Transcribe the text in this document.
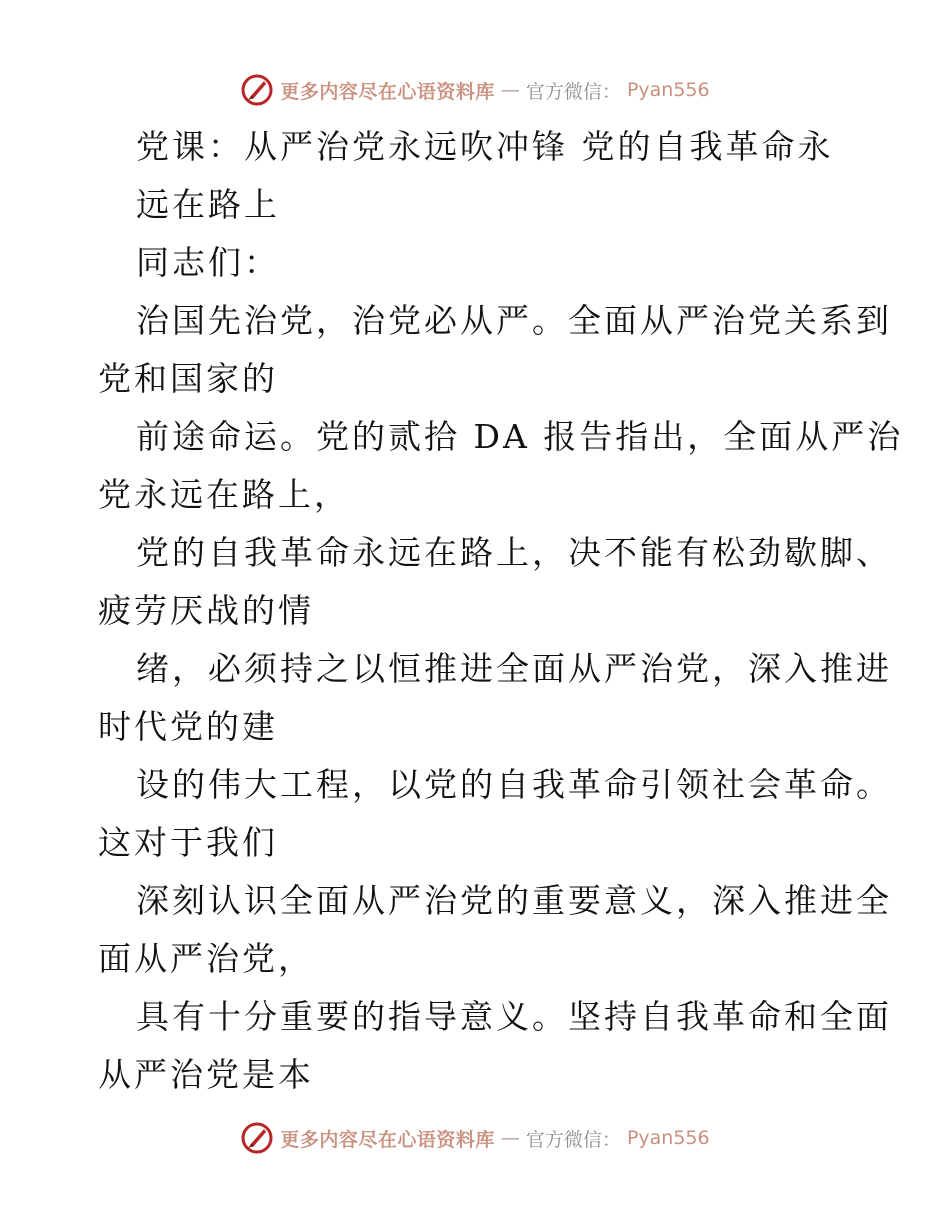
更多内容尽在心语资料库 — 官方微信： Pyan556
党课：从严治党永远吹冲锋 党的自我革命永
远在路上
同志们：
治国先治党，治党必从严。全面从严治党关系到
党和国家的
前途命运。党的贰拾 DA 报告指出，全面从严治
党永远在路上，
党的自我革命永远在路上，决不能有松劲歇脚、
疲劳厌战的情
绪，必须持之以恒推进全面从严治党，深入推进
时代党的建
设的伟大工程，以党的自我革命引领社会革命。
这对于我们
深刻认识全面从严治党的重要意义，深入推进全
面从严治党，
具有十分重要的指导意义。坚持自我革命和全面
从严治党是本
更多内容尽在心语资料库 — 官方微信： Pyan556
